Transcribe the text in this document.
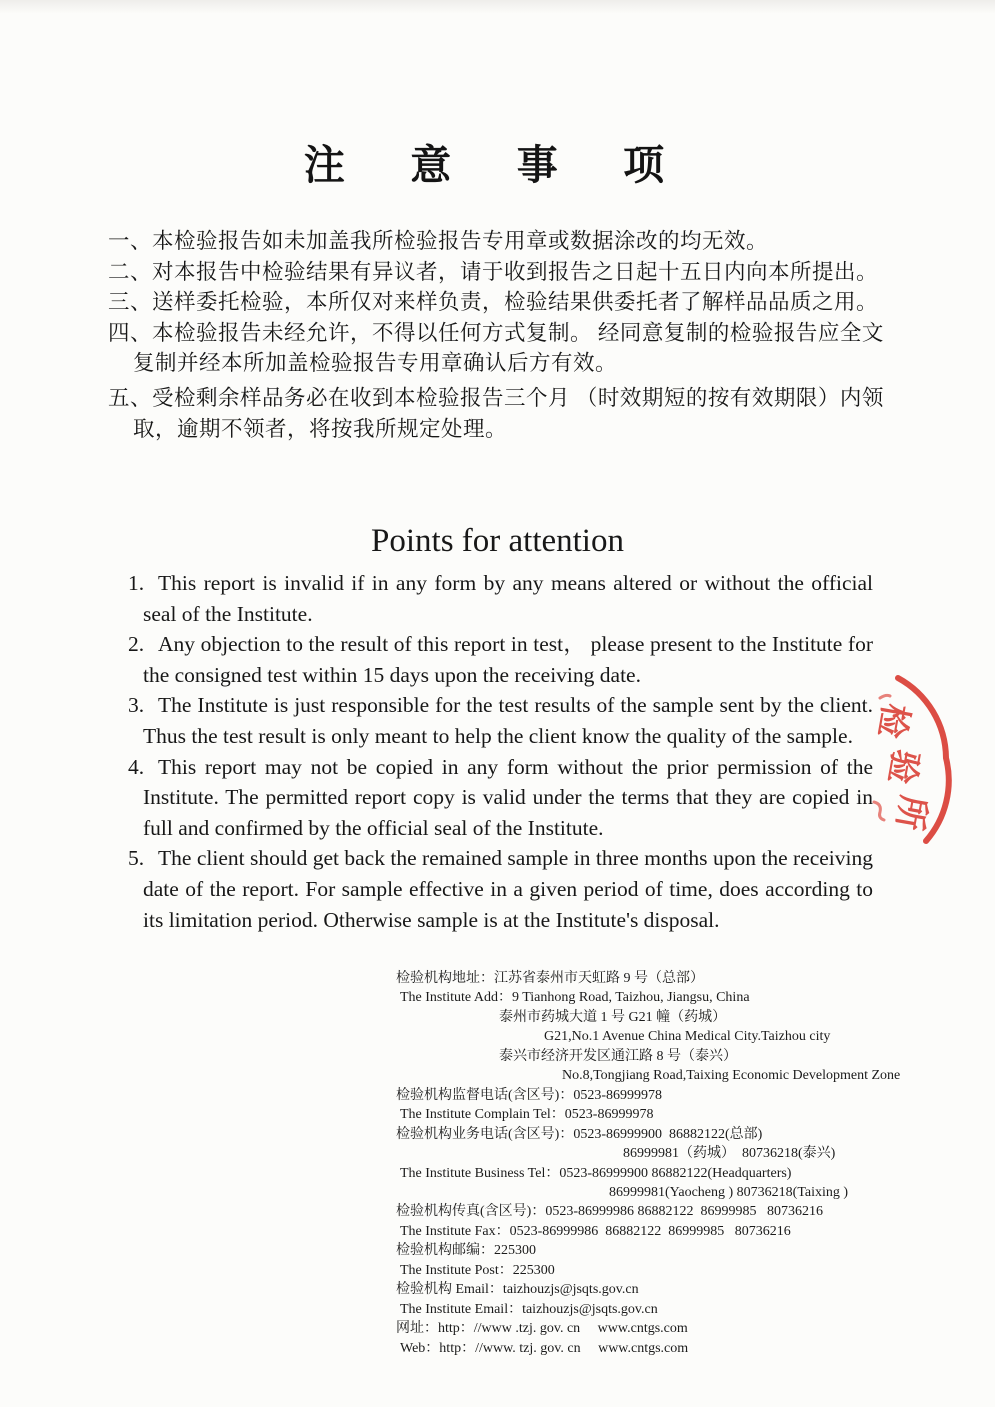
注 意 事 项
一、本检验报告如未加盖我所检验报告专用章或数据涂改的均无效。
二、对本报告中检验结果有异议者，请于收到报告之日起十五日内向本所提出。
三、送样委托检验，本所仅对来样负责，检验结果供委托者了解样品品质之用。
四、本检验报告未经允许，不得以任何方式复制。 经同意复制的检验报告应全文复制并经本所加盖检验报告专用章确认后方有效。
五、受检剩余样品务必在收到本检验报告三个月 （时效期短的按有效期限）内领取，逾期不领者，将按我所规定处理。
Points for attention
1. This report is invalid if in any form by any means altered or without the official seal of the Institute.
2. Any objection to the result of this report in test， please present to the Institute for the consigned test within 15 days upon the receiving date.
3. The Institute is just responsible for the test results of the sample sent by the client. Thus the test result is only meant to help the client know the quality of the sample.
4. This report may not be copied in any form without the prior permission of the Institute. The permitted report copy is valid under the terms that they are copied in full and confirmed by the official seal of the Institute.
5. The client should get back the remained sample in three months upon the receiving date of the report. For sample effective in a given period of time, does according to its limitation period. Otherwise sample is at the Institute's disposal.
检验机构地址：江苏省泰州市天虹路 9 号（总部）
The Institute Add：9 Tianhong Road, Taizhou, Jiangsu, China
泰州市药城大道 1 号 G21 幢（药城）
G21,No.1 Avenue China Medical City.Taizhou city
泰兴市经济开发区通江路 8 号（泰兴）
No.8,Tongjiang Road,Taixing Economic Development Zone
检验机构监督电话(含区号)：0523-86999978
The Institute Complain Tel：0523-86999978
检验机构业务电话(含区号)：0523-86999900  86882122(总部)
86999981（药城）  80736218(泰兴)
The Institute Business Tel：0523-86999900 86882122(Headquarters)
86999981(Yaocheng ) 80736218(Taixing )
检验机构传真(含区号)：0523-86999986 86882122  86999985   80736216
The Institute Fax：0523-86999986  86882122  86999985   80736216
检验机构邮编：225300
The Institute Post：225300
检验机构 Email：taizhouzjs@jsqts.gov.cn
The Institute Email：taizhouzjs@jsqts.gov.cn
网址：http：//www .tzj. gov. cn     www.cntgs.com
Web：http：//www. tzj. gov. cn     www.cntgs.com
检
验
所
